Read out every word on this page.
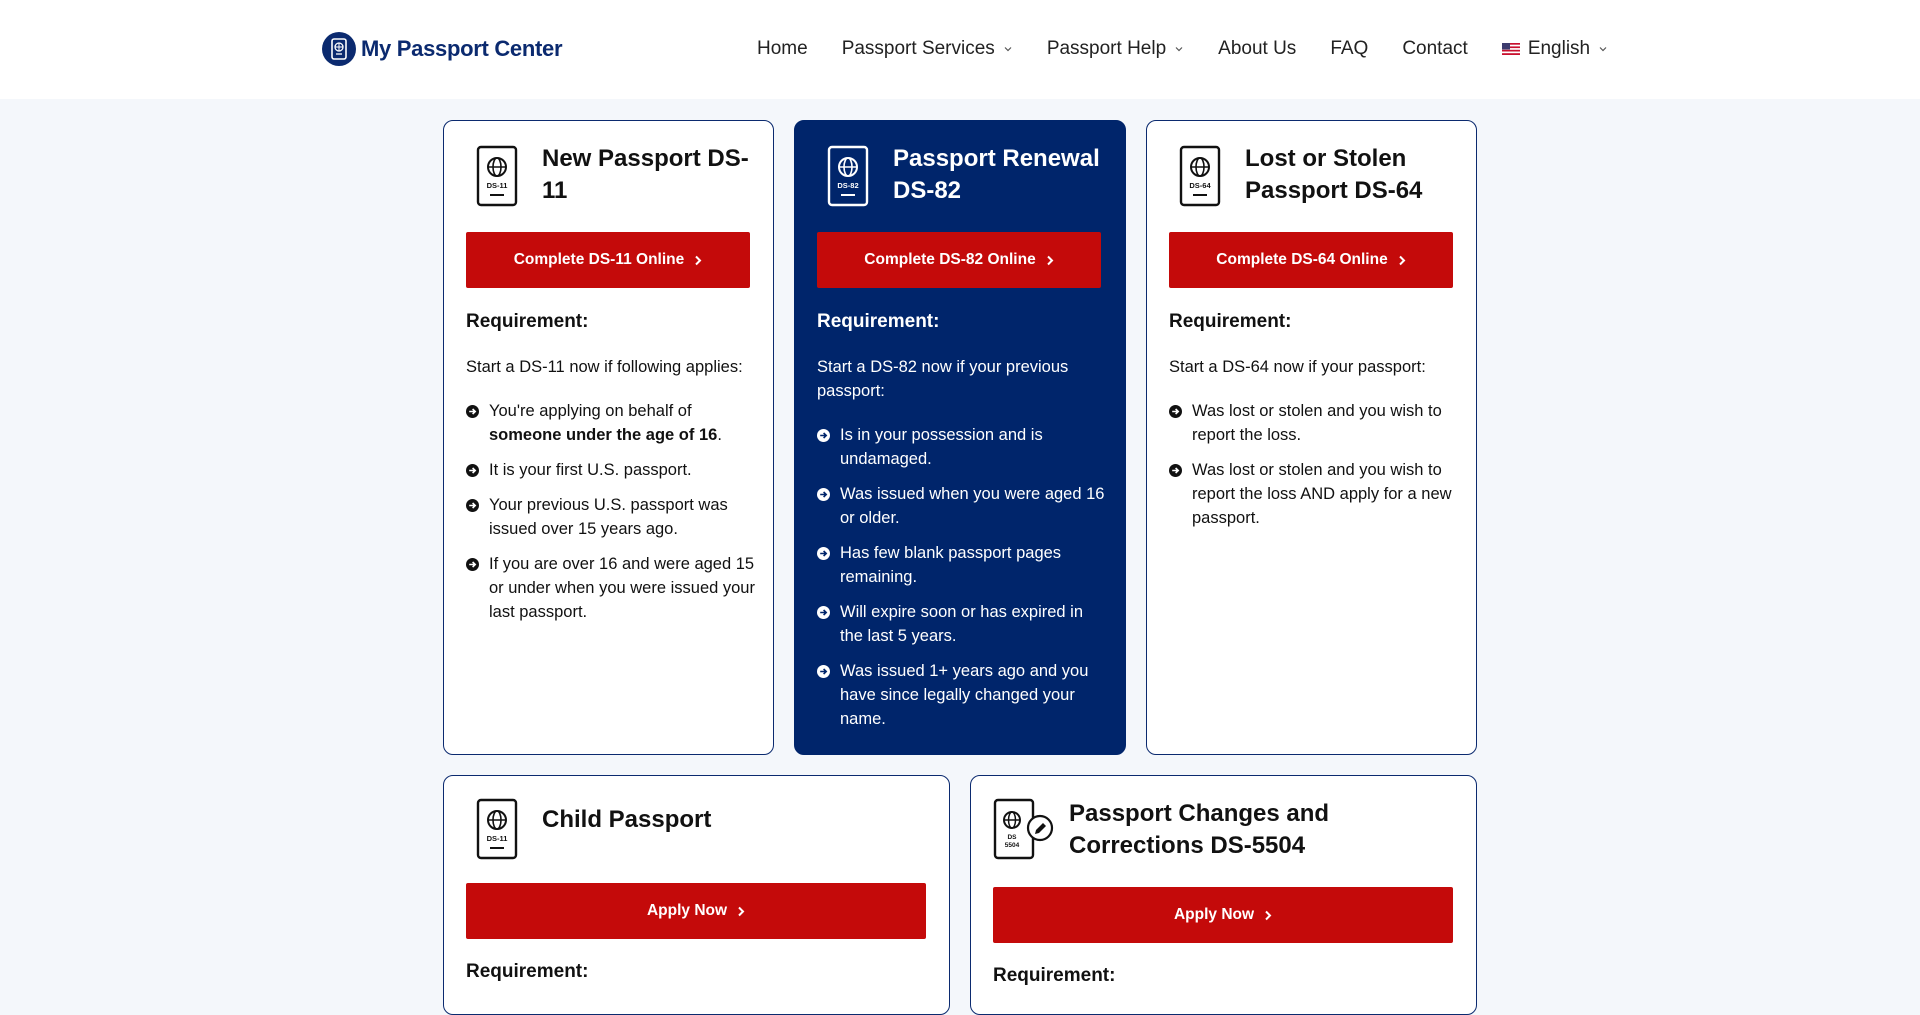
My Passport Center	Home Passport Services	Passport Help	About Us FAQ Contact	English
DS-11
New Passport DS-11
Complete DS-11 Online
Requirement:
Start a DS-11 now if following applies:
You're applying on behalf of someone under the age of 16.
It is your first U.S. passport.
Your previous U.S. passport was issued over 15 years ago.
If you are over 16 and were aged 15 or under when you were issued your last passport.
DS-82
Passport Renewal DS-82
Complete DS-82 Online
Requirement:
Start a DS-82 now if your previous passport:
Is in your possession and is undamaged.
Was issued when you were aged 16 or older.
Has few blank passport pages remaining.
Will expire soon or has expired in the last 5 years.
Was issued 1+ years ago and you have since legally changed your name.
DS-64
Lost or Stolen Passport DS-64
Complete DS-64 Online
Requirement:
Start a DS-64 now if your passport:
Was lost or stolen and you wish to report the loss.
Was lost or stolen and you wish to report the loss AND apply for a new passport.
DS-11
Child Passport
Apply Now
Requirement:
DS
5504
Passport Changes and Corrections DS-5504
Apply Now
Requirement:
